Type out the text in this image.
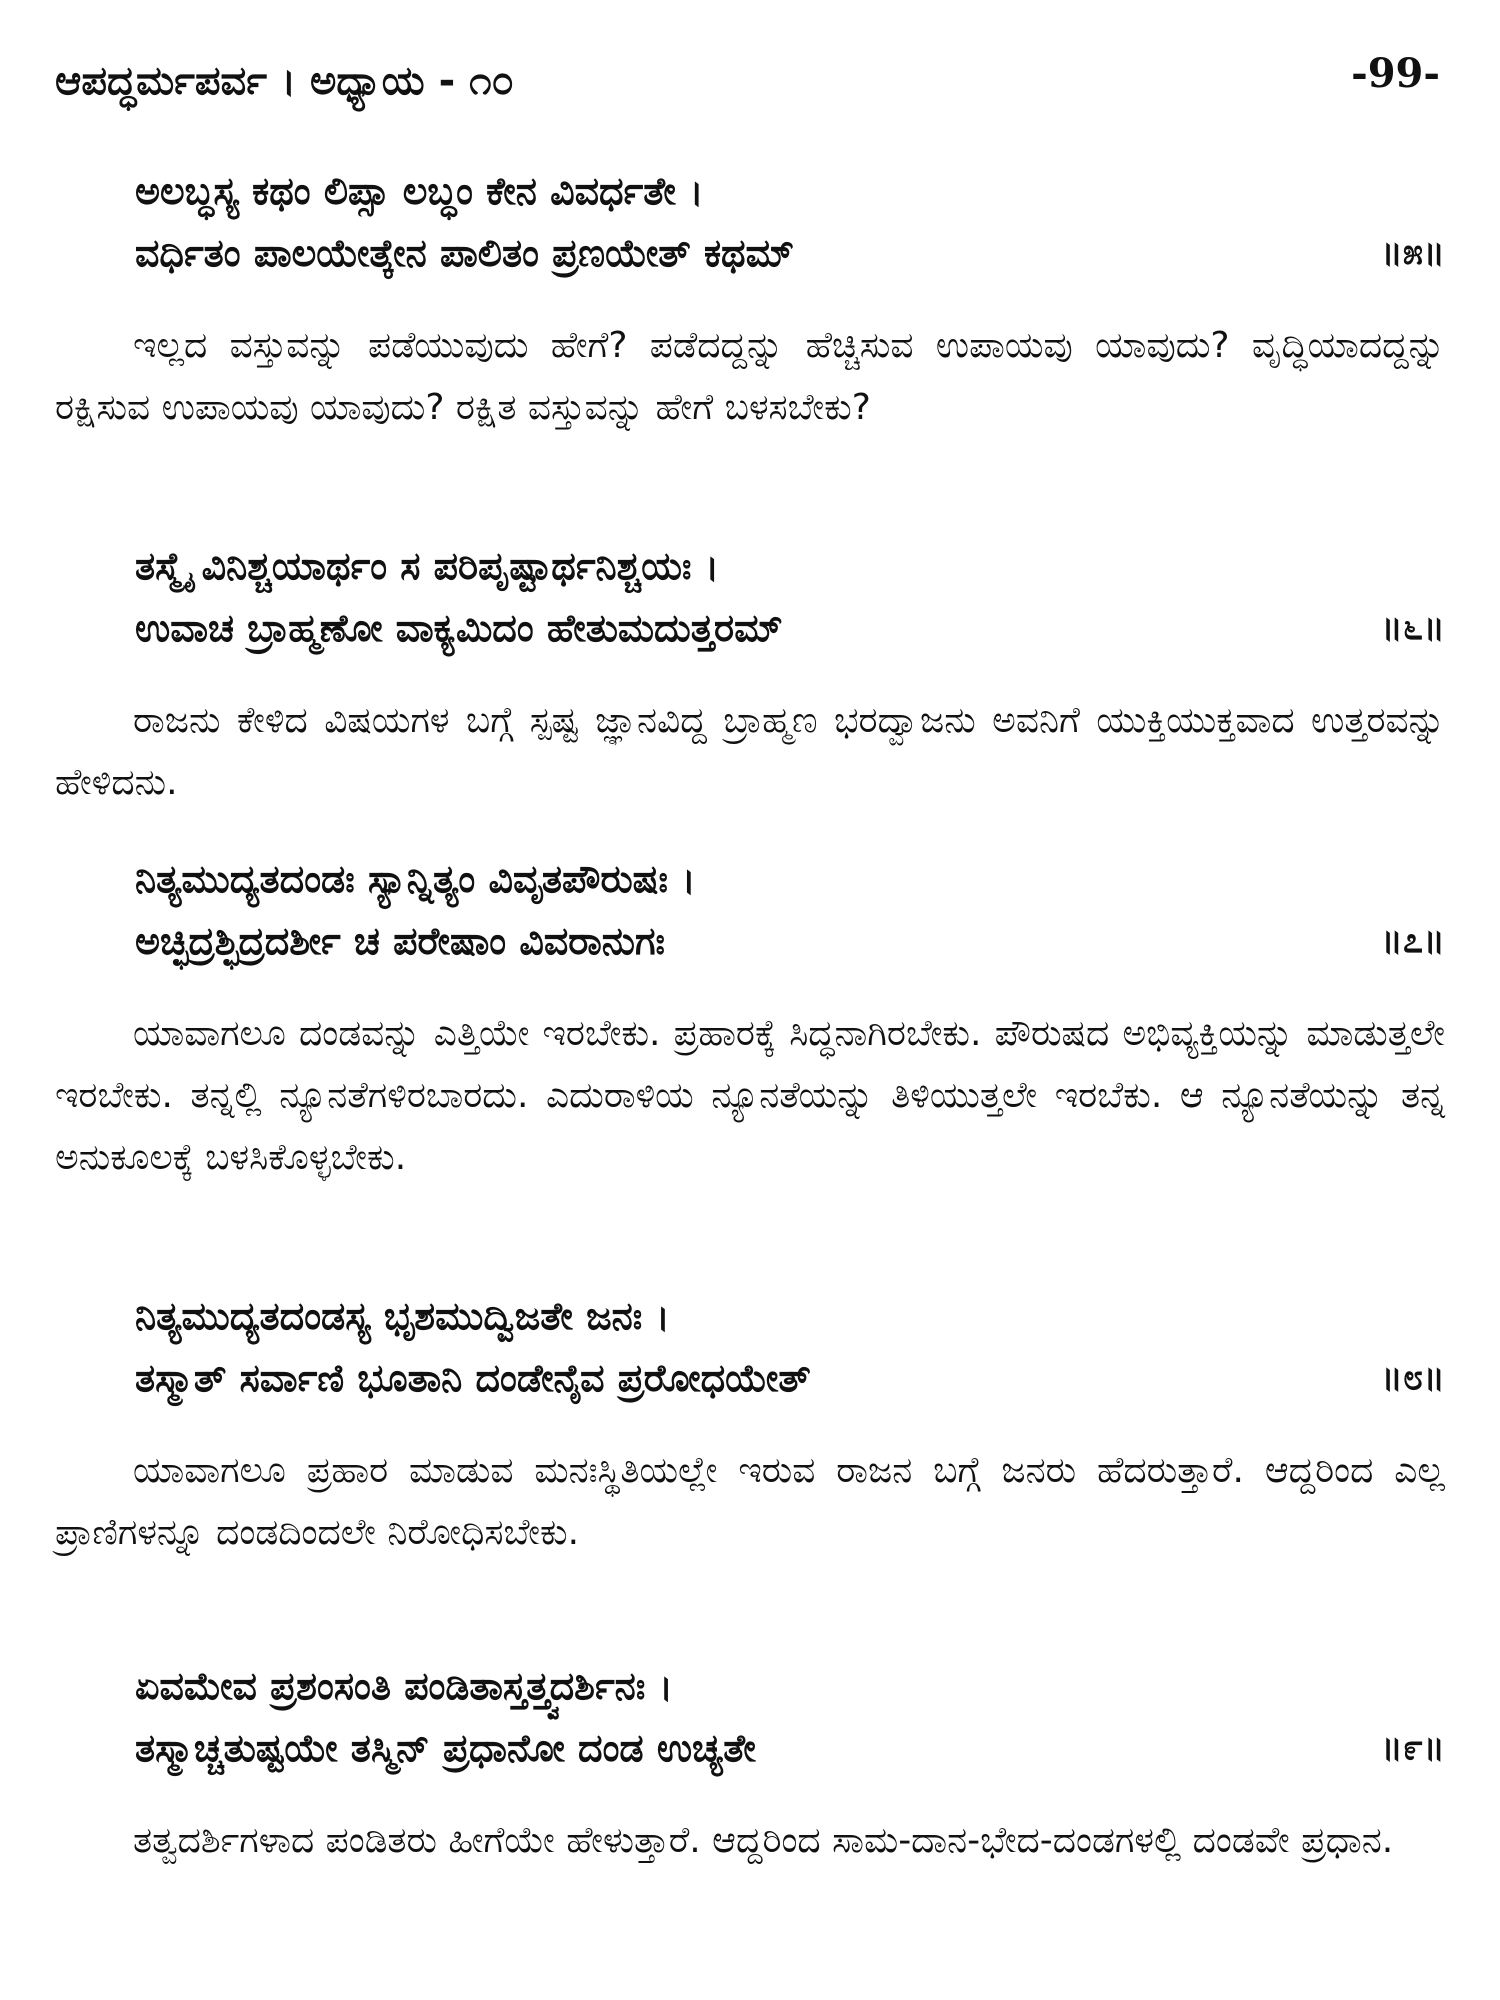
ಆಪದ್ಧರ್ಮಪರ್ವ । ಅಧ್ಯಾಯ - ೧೦	-99-
ಅಲಬ್ಧಸ್ಯ ಕಥಂ ಲಿಪ್ಸಾ ಲಬ್ಧಂ ಕೇನ ವಿವರ್ಧತೇ ।
ವರ್ಧಿತಂ ಪಾಲಯೇತ್ಕೇನ ಪಾಲಿತಂ ಪ್ರಣಯೇತ್ ಕಥಮ್	॥೫॥

ಇಲ್ಲದ ವಸ್ತುವನ್ನು ಪಡೆಯುವುದು ಹೇಗೆ? ಪಡೆದದ್ದನ್ನು ಹೆಚ್ಚಿಸುವ ಉಪಾಯವು ಯಾವುದು? ವೃದ್ಧಿಯಾದದ್ದನ್ನು ರಕ್ಷಿಸುವ ಉಪಾಯವು ಯಾವುದು? ರಕ್ಷಿತ ವಸ್ತುವನ್ನು ಹೇಗೆ ಬಳಸಬೇಕು?

ತಸ್ಮೈ ವಿನಿಶ್ಚಯಾರ್ಥಂ ಸ ಪರಿಪೃಷ್ಟಾರ್ಥನಿಶ್ಚಯಃ ।
ಉವಾಚ ಬ್ರಾಹ್ಮಣೋ ವಾಕ್ಯಮಿದಂ ಹೇತುಮದುತ್ತರಮ್	॥೬॥

ರಾಜನು ಕೇಳಿದ ವಿಷಯಗಳ ಬಗ್ಗೆ ಸ್ಪಷ್ಟ ಜ್ಞಾನವಿದ್ದ ಬ್ರಾಹ್ಮಣ ಭರದ್ವಾಜನು ಅವನಿಗೆ ಯುಕ್ತಿಯುಕ್ತವಾದ ಉತ್ತರವನ್ನು ಹೇಳಿದನು.

ನಿತ್ಯಮುದ್ಯತದಂಡಃ ಸ್ಯಾನ್ನಿತ್ಯಂ ವಿವೃತಪೌರುಷಃ ।
ಅಚ್ಛಿದ್ರಶ್ಛಿದ್ರದರ್ಶೀ ಚ ಪರೇಷಾಂ ವಿವರಾನುಗಃ	॥೭॥

ಯಾವಾಗಲೂ ದಂಡವನ್ನು ಎತ್ತಿಯೇ ಇರಬೇಕು. ಪ್ರಹಾರಕ್ಕೆ ಸಿದ್ಧನಾಗಿರಬೇಕು. ಪೌರುಷದ ಅಭಿವ್ಯಕ್ತಿಯನ್ನು ಮಾಡುತ್ತಲೇ ಇರಬೇಕು. ತನ್ನಲ್ಲಿ ನ್ಯೂನತೆಗಳಿರಬಾರದು. ಎದುರಾಳಿಯ ನ್ಯೂನತೆಯನ್ನು ತಿಳಿಯುತ್ತಲೇ ಇರಬೆಕು. ಆ ನ್ಯೂನತೆಯನ್ನು ತನ್ನ ಅನುಕೂಲಕ್ಕೆ ಬಳಸಿಕೊಳ್ಳಬೇಕು.

ನಿತ್ಯಮುದ್ಯತದಂಡಸ್ಯ ಭೃಶಮುದ್ವಿಜತೇ ಜನಃ ।
ತಸ್ಮಾತ್ ಸರ್ವಾಣಿ ಭೂತಾನಿ ದಂಡೇನೈವ ಪ್ರರೋಧಯೇತ್	॥೮॥

ಯಾವಾಗಲೂ ಪ್ರಹಾರ ಮಾಡುವ ಮನಃಸ್ಥಿತಿಯಲ್ಲೇ ಇರುವ ರಾಜನ ಬಗ್ಗೆ ಜನರು ಹೆದರುತ್ತಾರೆ. ಆದ್ದರಿಂದ ಎಲ್ಲ ಪ್ರಾಣಿಗಳನ್ನೂ ದಂಡದಿಂದಲೇ ನಿರೋಧಿಸಬೇಕು.

ಏವಮೇವ ಪ್ರಶಂಸಂತಿ ಪಂಡಿತಾಸ್ತತ್ತ್ವದರ್ಶಿನಃ ।
ತಸ್ಮಾಚ್ಚತುಷ್ಟಯೇ ತಸ್ಮಿನ್ ಪ್ರಧಾನೋ ದಂಡ ಉಚ್ಯತೇ	॥೯॥

ತತ್ವದರ್ಶಿಗಳಾದ ಪಂಡಿತರು ಹೀಗೆಯೇ ಹೇಳುತ್ತಾರೆ. ಆದ್ದರಿಂದ ಸಾಮ-ದಾನ-ಭೇದ-ದಂಡಗಳಲ್ಲಿ ದಂಡವೇ ಪ್ರಧಾನ.
